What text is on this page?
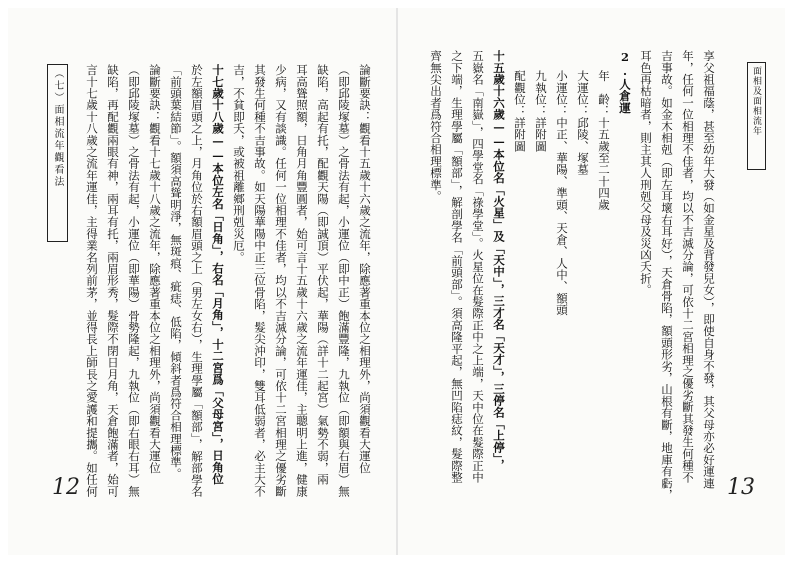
面相及面相流年
享父祖福蔭，甚至幼年大發（如金星及背發兒女），即使自身不發，其父母亦必好運連
年，任何一位相理不佳者，均以不吉滅分論，可依十二宮相理之優劣斷其發生何種不
吉事故。如金木相剋（即左耳壞右耳好），天倉骨陷，額頭形劣，山根有斷，地庫有虧，
耳色再枯暗者，則主其人刑剋父母及災凶夭折。
2.人倉運
年　齡：十五歲至二十四歲
大運位：邱陵、塚墓
小運位：中正、華陽、準頭、天倉、人中、額頭
九執位：詳附圖
配觀位：詳附圖
十五歲十六歲——本位名「火星」及「天中」，三才名「天才」，三停名「上停」，
五嶽名「南嶽」，四學堂名「祿學堂」。火星位在髮際正中之上端，天中位在髮際正中
之下端，生理學屬「額部」，解剖學名「前頭部」。須高隆平起，無凹陷痣紋，髮際整
齊無尖出者爲符合相理標準。
13
論斷要訣：觀看十五歲十六歲之流年，除應著重本位之相理外，尚須觀看大運位
（即邱陵塚墓）之骨法有起，小運位（即中正）飽滿豐隆，九執位（即額與右眉）無
缺陷，高起有托，配觀天陽（即誠頂）平伏起，華陽（詳十二起宮）氣勢不弱，兩
耳高聳照額，日角月角豐圓者，始可言十五歲十六歲之流年運佳，主聰明上進，健康
少病，又有談識。任何一位相理不佳者，均以不吉滅分論，可依十二宮相理之優劣斷
其發生何種不吉事故。如天陽華陽中正三位骨陷，髮尖沖印，雙耳低弱者，必主大不
吉，不貧即夭，或被祖離鄉刑剋災厄。
十七歲十八歲——本位左名「日角」，右名「月角」，十二宮爲「父母宮」，日角位
於左額眉頭之上，月角位於右額眉頭之上（男左女右），生理學屬「額部」，解部學名
「前頭葉結節」。額須高聳明淨，無斑痕、疵痣、低陷，傾斜者爲符合相理標準。
論斷要訣：觀看十七歲十八歲之流年，除應著重本位之相理外，尚須觀看大運位
（即邱陵塚墓）之骨法有起，小運位（即華陽）骨勢隆起，九執位（即右眼右耳）無
缺陷，再配觀兩眼有神，兩耳有托，兩眉形秀，髮際不閉日月角，天倉飽滿者，始可
言十七歲十八歲之流年運佳，主得業名列前茅，並得長上師長之愛護和提攜。如任何
（七）面相流年觀看法
12
